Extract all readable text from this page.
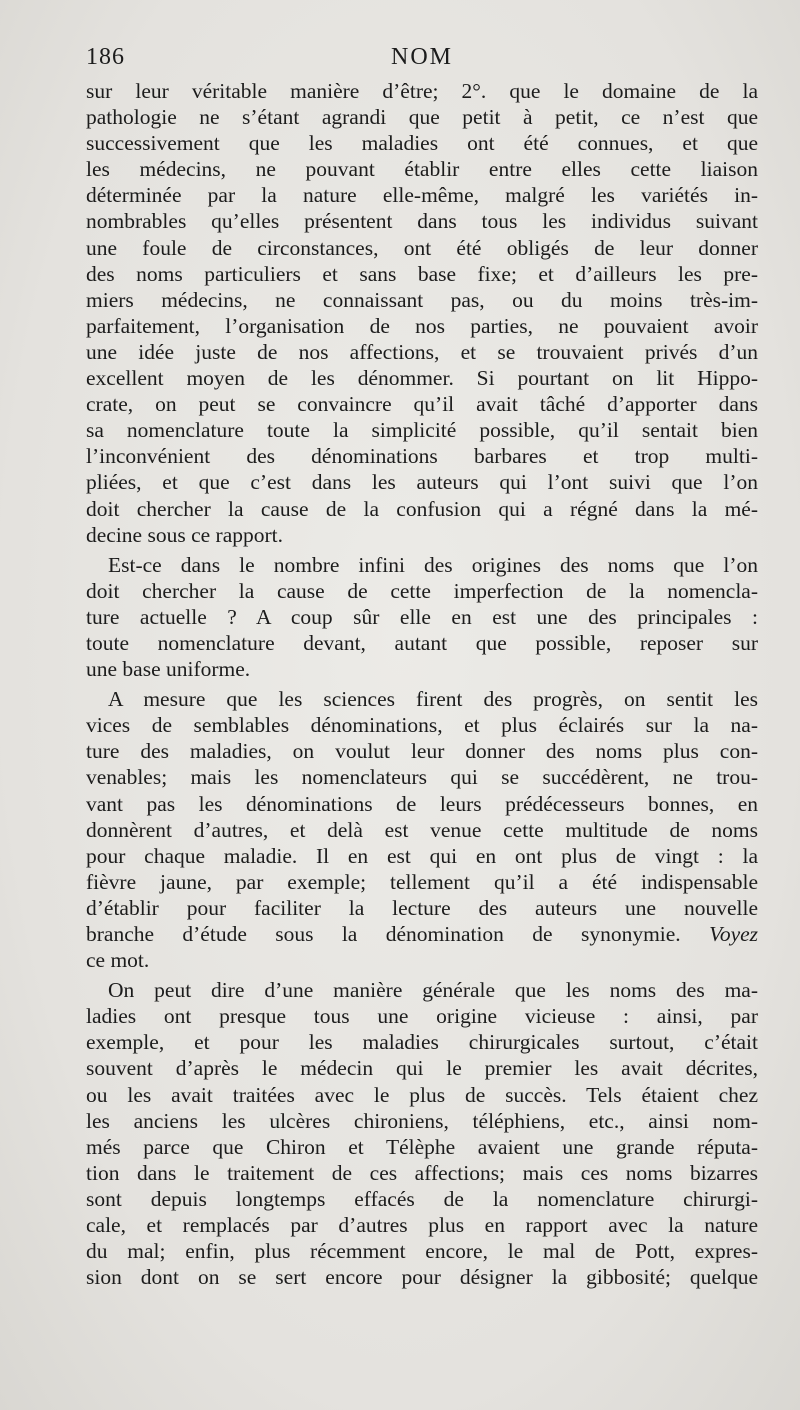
186	NOM

sur leur véritable manière d’être; 2°. que le domaine de la
pathologie ne s’étant agrandi que petit à petit, ce n’est que
successivement que les maladies ont été connues, et que
les médecins, ne pouvant établir entre elles cette liaison
déterminée par la nature elle-même, malgré les variétés in-
nombrables qu’elles présentent dans tous les individus suivant
une foule de circonstances, ont été obligés de leur donner
des noms particuliers et sans base fixe; et d’ailleurs les pre-
miers médecins, ne connaissant pas, ou du moins très-im-
parfaitement, l’organisation de nos parties, ne pouvaient avoir
une idée juste de nos affections, et se trouvaient privés d’un
excellent moyen de les dénommer. Si pourtant on lit Hippo-
crate, on peut se convaincre qu’il avait tâché d’apporter dans
sa nomenclature toute la simplicité possible, qu’il sentait bien
l’inconvénient des dénominations barbares et trop multi-
pliées, et que c’est dans les auteurs qui l’ont suivi que l’on
doit chercher la cause de la confusion qui a régné dans la mé-
decine sous ce rapport.

Est-ce dans le nombre infini des origines des noms que l’on
doit chercher la cause de cette imperfection de la nomencla-
ture actuelle ? A coup sûr elle en est une des principales :
toute nomenclature devant, autant que possible, reposer sur
une base uniforme.

A mesure que les sciences firent des progrès, on sentit les
vices de semblables dénominations, et plus éclairés sur la na-
ture des maladies, on voulut leur donner des noms plus con-
venables; mais les nomenclateurs qui se succédèrent, ne trou-
vant pas les dénominations de leurs prédécesseurs bonnes, en
donnèrent d’autres, et delà est venue cette multitude de noms
pour chaque maladie. Il en est qui en ont plus de vingt : la
fièvre jaune, par exemple; tellement qu’il a été indispensable
d’établir pour faciliter la lecture des auteurs une nouvelle
branche d’étude sous la dénomination de synonymie. Voyez
ce mot.

On peut dire d’une manière générale que les noms des ma-
ladies ont presque tous une origine vicieuse : ainsi, par
exemple, et pour les maladies chirurgicales surtout, c’était
souvent d’après le médecin qui le premier les avait décrites,
ou les avait traitées avec le plus de succès. Tels étaient chez
les anciens les ulcères chironiens, téléphiens, etc., ainsi nom-
més parce que Chiron et Télèphe avaient une grande réputa-
tion dans le traitement de ces affections; mais ces noms bizarres
sont depuis longtemps effacés de la nomenclature chirurgi-
cale, et remplacés par d’autres plus en rapport avec la nature
du mal; enfin, plus récemment encore, le mal de Pott, expres-
sion dont on se sert encore pour désigner la gibbosité; quelque
